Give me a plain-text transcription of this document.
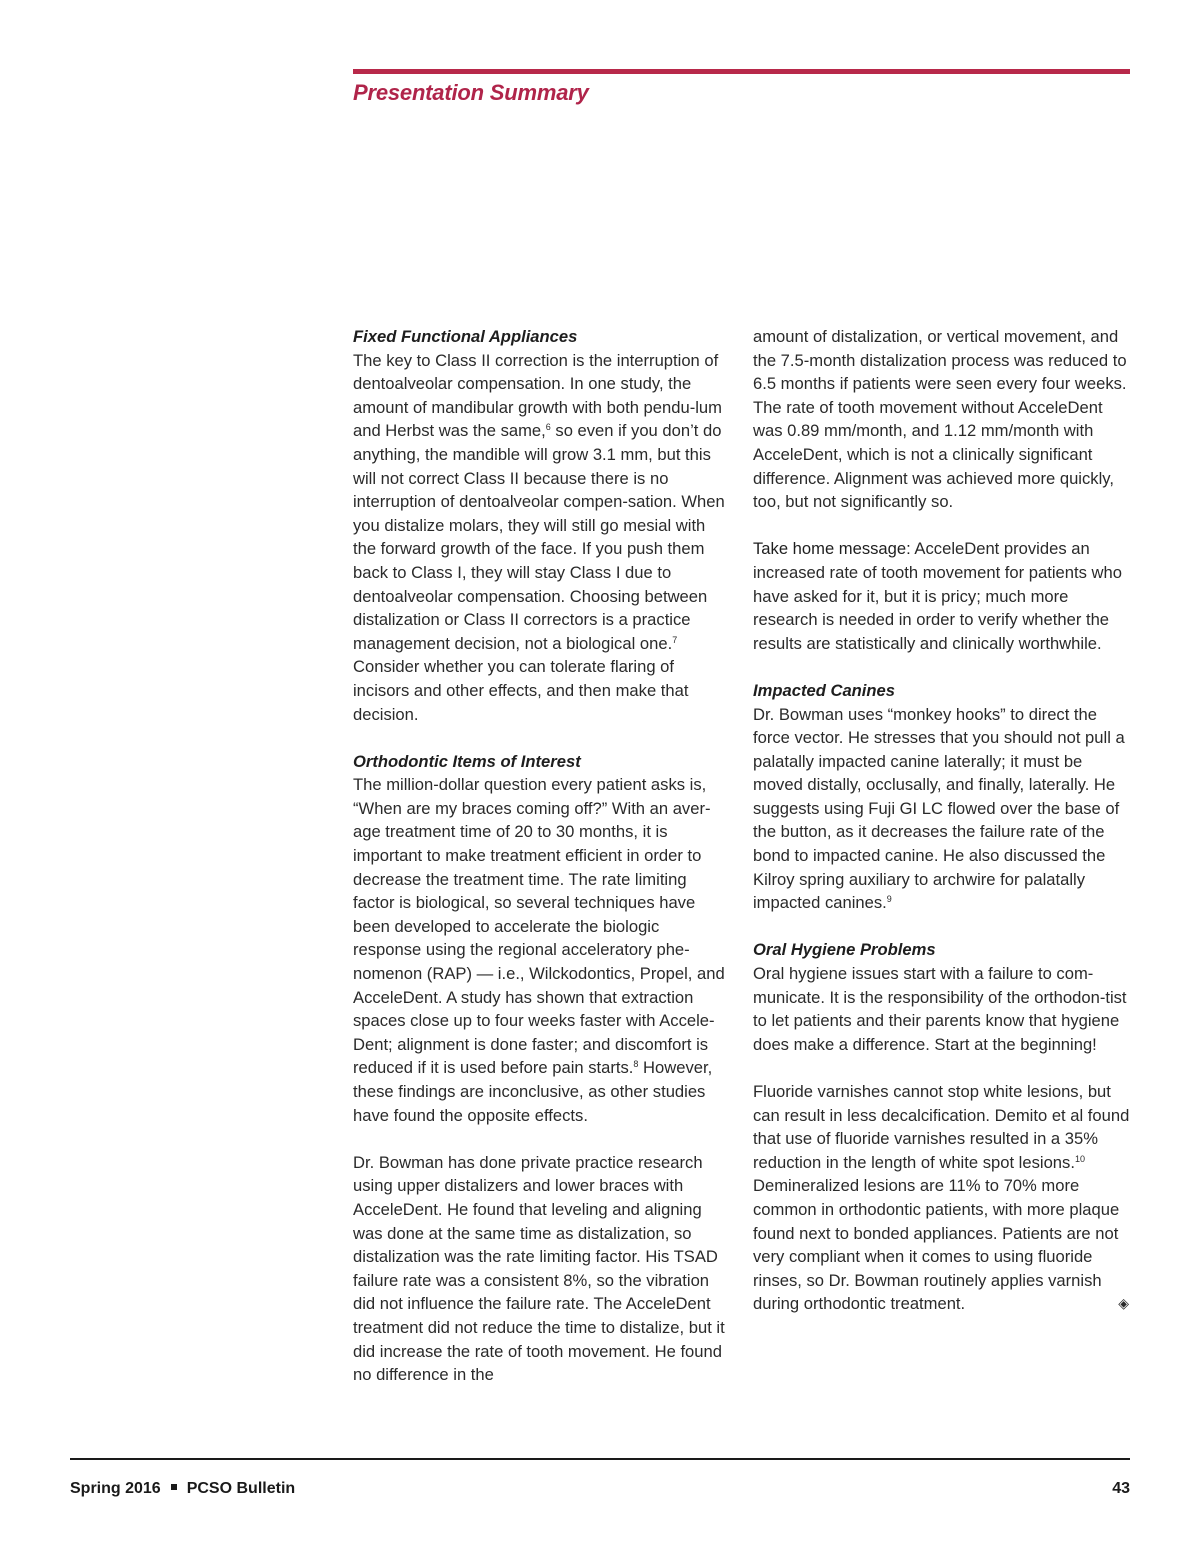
Presentation Summary

Fixed Functional Appliances
The key to Class II correction is the interruption of dentoalveolar compensation. In one study, the amount of mandibular growth with both pendu-lum and Herbst was the same,$^6$ so even if you don’t do anything, the mandible will grow 3.1 mm, but this will not correct Class II because there is no interruption of dentoalveolar compen-sation. When you distalize molars, they will still go mesial with the forward growth of the face. If you push them back to Class I, they will stay Class I due to dentoalveolar compensation. Choosing between distalization or Class II correctors is a practice management decision, not a biological one.$^7$ Consider whether you can tolerate flaring of incisors and other effects, and then make that decision.

Orthodontic Items of Interest
The million-dollar question every patient asks is, “When are my braces coming off?” With an aver-age treatment time of 20 to 30 months, it is important to make treatment efficient in order to decrease the treatment time. The rate limiting factor is biological, so several techniques have been developed to accelerate the biologic response using the regional acceleratory phe-nomenon (RAP) — i.e., Wilckodontics, Propel, and AcceleDent. A study has shown that extraction spaces close up to four weeks faster with Accele-Dent; alignment is done faster; and discomfort is reduced if it is used before pain starts.$^8$ However, these findings are inconclusive, as other studies have found the opposite effects.

Dr. Bowman has done private practice research using upper distalizers and lower braces with AcceleDent. He found that leveling and aligning was done at the same time as distalization, so distalization was the rate limiting factor. His TSAD failure rate was a consistent 8%, so the vibration did not influence the failure rate. The AcceleDent treatment did not reduce the time to distalize, but it did increase the rate of tooth movement. He found no difference in the

amount of distalization, or vertical movement, and the 7.5-month distalization process was reduced to 6.5 months if patients were seen every four weeks. The rate of tooth movement without AcceleDent was 0.89 mm/month, and 1.12 mm/month with AcceleDent, which is not a clinically significant difference. Alignment was achieved more quickly, too, but not significantly so.

Take home message: AcceleDent provides an increased rate of tooth movement for patients who have asked for it, but it is pricy; much more research is needed in order to verify whether the results are statistically and clinically worthwhile.

Impacted Canines
Dr. Bowman uses “monkey hooks” to direct the force vector. He stresses that you should not pull a palatally impacted canine laterally; it must be moved distally, occlusally, and finally, laterally. He suggests using Fuji GI LC flowed over the base of the button, as it decreases the failure rate of the bond to impacted canine. He also discussed the Kilroy spring auxiliary to archwire for palatally impacted canines.$^9$

Oral Hygiene Problems
Oral hygiene issues start with a failure to com-municate. It is the responsibility of the orthodon-tist to let patients and their parents know that hygiene does make a difference. Start at the beginning!

Fluoride varnishes cannot stop white lesions, but can result in less decalcification. Demito et al found that use of fluoride varnishes resulted in a 35% reduction in the length of white spot lesions.$^{10}$ Demineralized lesions are 11% to 70% more common in orthodontic patients, with more plaque found next to bonded appliances. Patients are not very compliant when it comes to using fluoride rinses, so Dr. Bowman routinely applies varnish during orthodontic treatment.	◈

Spring 2016 PCSO Bulletin	43
